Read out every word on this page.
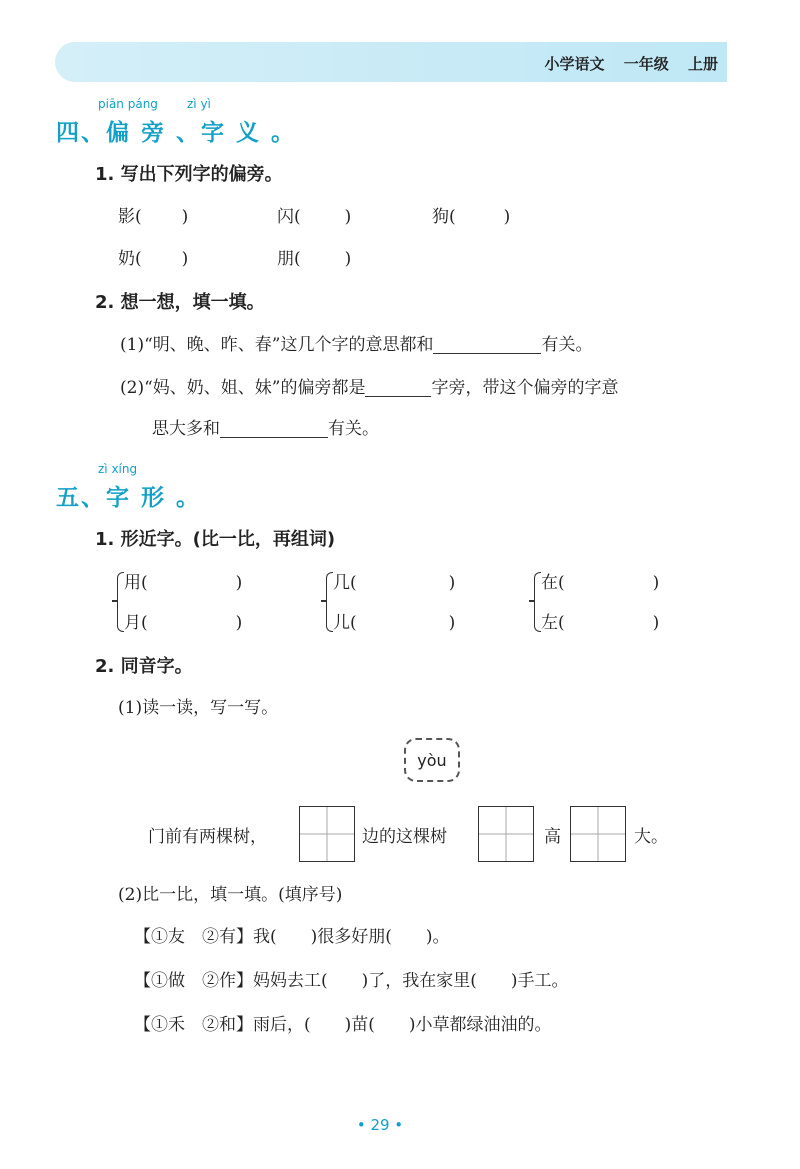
小学语文 一年级 上册
piān páng zì yì
四、偏 旁 、字 义 。
1. 写出下列字的偏旁。
影( )	闪(	)	狗(	)
奶( )	朋(	)
2. 想一想，填一填。
(1)“明、晚、昨、春”这几个字的意思都和	有关。
(2)“妈、奶、姐、妹”的偏旁都是	字旁，带这个偏旁的字意
思大多和	有关。
zì xíng
五、字 形 。
1. 形近字。(比一比，再组词)
用(	)
月(	)
几(	)
儿(	)
在(	)
左(	)
2. 同音字。
(1)读一读，写一写。
yòu
门前有两棵树，	边的这棵树	高	大。
(2)比一比，填一填。(填序号)
【①友　②有】我(　　)很多好朋(　　)。
【①做　②作】妈妈去工(　　)了，我在家里(　　)手工。
【①禾　②和】雨后，(　　)苗(　　)小草都绿油油的。
• 29 •
